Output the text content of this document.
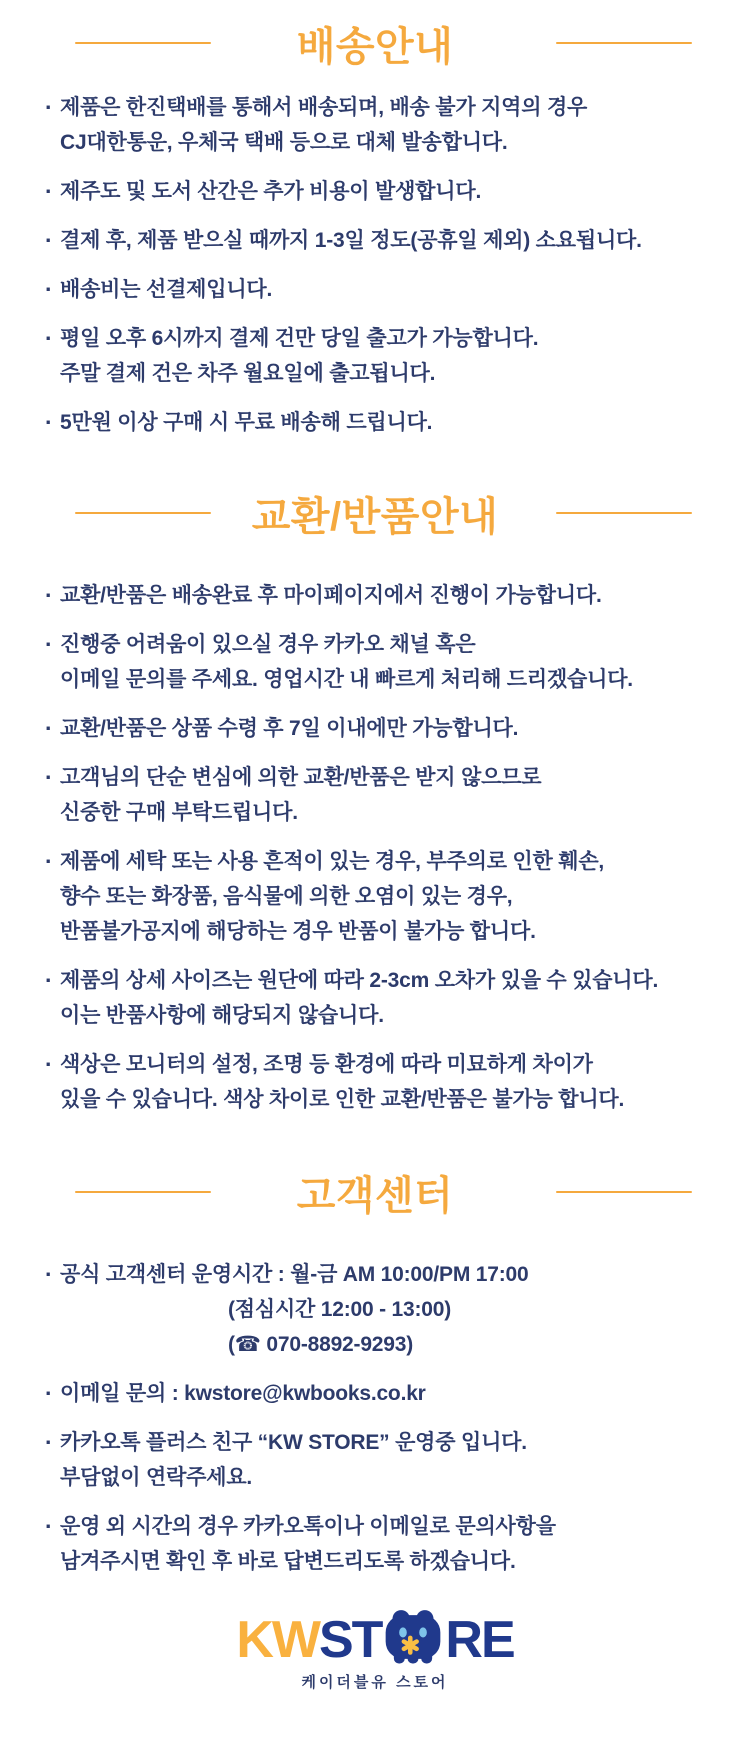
배송안내
· 제품은 한진택배를 통해서 배송되며, 배송 불가 지역의 경우
CJ대한통운, 우체국 택배 등으로 대체 발송합니다.
· 제주도 및 도서 산간은 추가 비용이 발생합니다.
· 결제 후, 제품 받으실 때까지 1-3일 정도(공휴일 제외) 소요됩니다.
· 배송비는 선결제입니다.
· 평일 오후 6시까지 결제 건만 당일 출고가 가능합니다.
주말 결제 건은 차주 월요일에 출고됩니다.
· 5만원 이상 구매 시 무료 배송해 드립니다.
교환/반품안내
· 교환/반품은 배송완료 후 마이페이지에서 진행이 가능합니다.
· 진행중 어려움이 있으실 경우 카카오 채널 혹은
이메일 문의를 주세요. 영업시간 내 빠르게 처리해 드리겠습니다.
· 교환/반품은 상품 수령 후 7일 이내에만 가능합니다.
· 고객님의 단순 변심에 의한 교환/반품은 받지 않으므로
신중한 구매 부탁드립니다.
· 제품에 세탁 또는 사용 흔적이 있는 경우, 부주의로 인한 훼손,
향수 또는 화장품, 음식물에 의한 오염이 있는 경우,
반품불가공지에 해당하는 경우 반품이 불가능 합니다.
· 제품의 상세 사이즈는 원단에 따라 2-3cm 오차가 있을 수 있습니다.
이는 반품사항에 해당되지 않습니다.
· 색상은 모니터의 설정, 조명 등 환경에 따라 미묘하게 차이가
있을 수 있습니다. 색상 차이로 인한 교환/반품은 불가능 합니다.
고객센터
· 공식 고객센터 운영시간 : 월-금 AM 10:00/PM 17:00
(점심시간 12:00 - 13:00)
(☎ 070-8892-9293)
· 이메일 문의 : kwstore@kwbooks.co.kr
· 카카오톡 플러스 친구 “KW STORE” 운영중 입니다.
부담없이 연락주세요.
· 운영 외 시간의 경우 카카오톡이나 이메일로 문의사항을
남겨주시면 확인 후 바로 답변드리도록 하겠습니다.
KW ST RE
케이더블유 스토어
